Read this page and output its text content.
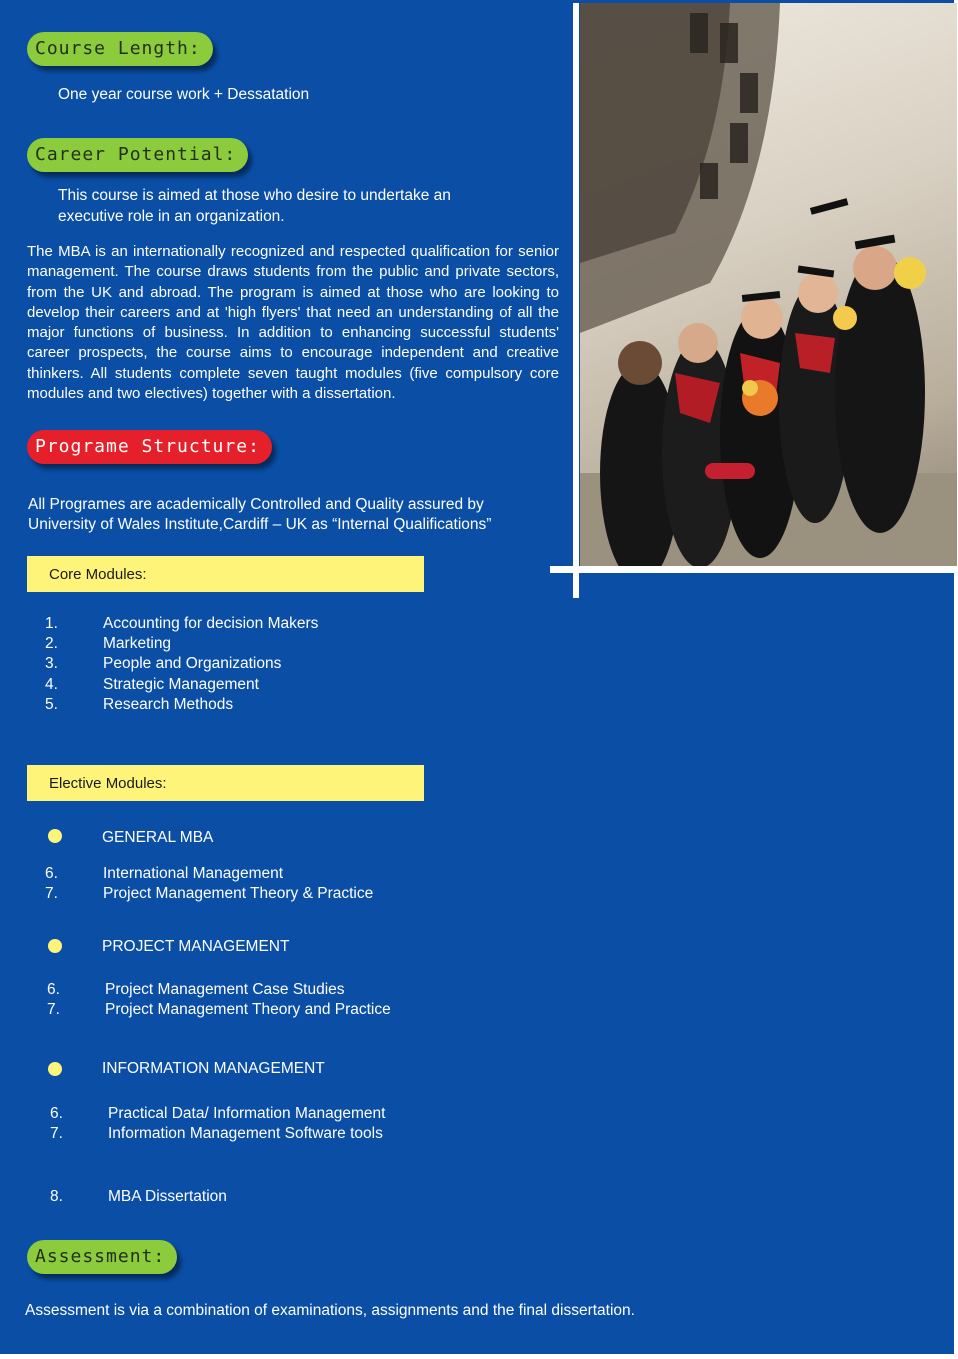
Course Length:
One year course work + Dessatation
Career Potential:
This course is aimed at those who desire to undertake an executive role in an organization.
The MBA is an internationally recognized and respected qualification for senior management. The course draws students from the public and private sectors, from the UK and abroad. The program is aimed at those who are looking to develop their careers and at 'high flyers' that need an understanding of all the major functions of business. In addition to enhancing successful students' career prospects, the course aims to encourage independent and creative thinkers. All students complete seven taught modules (five compulsory core modules and two electives) together with a dissertation.
Programe Structure:
All Programes are academically Controlled and Quality assured by
University of Wales Institute,Cardiff – UK as “Internal Qualifications”
Core Modules:
1.	Accounting for decision Makers
2.	Marketing
3.	People and Organizations
4.	Strategic Management
5.	Research Methods
Elective Modules:
GENERAL MBA
6.	International Management
7.	Project Management Theory & Practice
PROJECT MANAGEMENT
6.	Project Management Case Studies
7.	Project Management Theory and Practice
INFORMATION MANAGEMENT
6.	Practical Data/ Information Management
7.	Information Management Software tools
8.	MBA Dissertation
Assessment:
Assessment is via a combination of examinations, assignments and the final dissertation.
